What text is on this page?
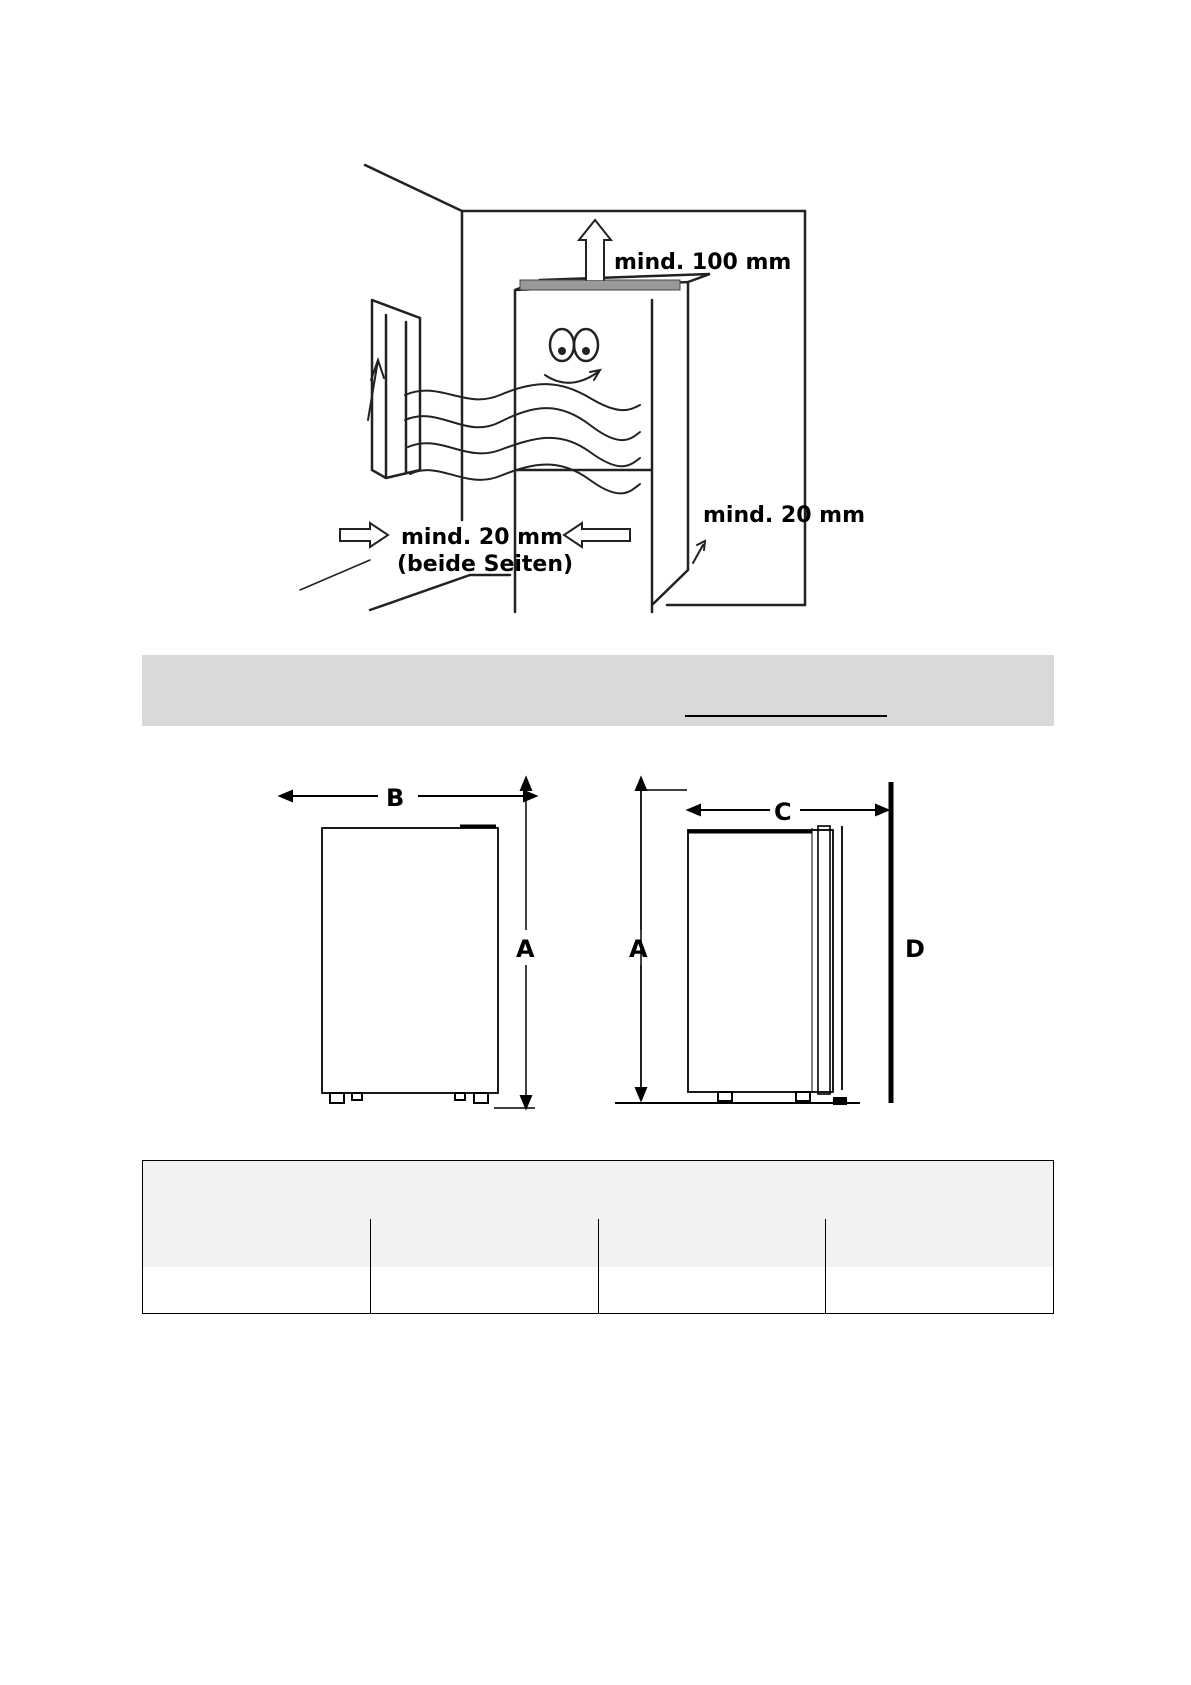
mind. 100 mm
mind. 20 mm
mind. 20 mm
(beide Seiten)
B
A	A
C
D
